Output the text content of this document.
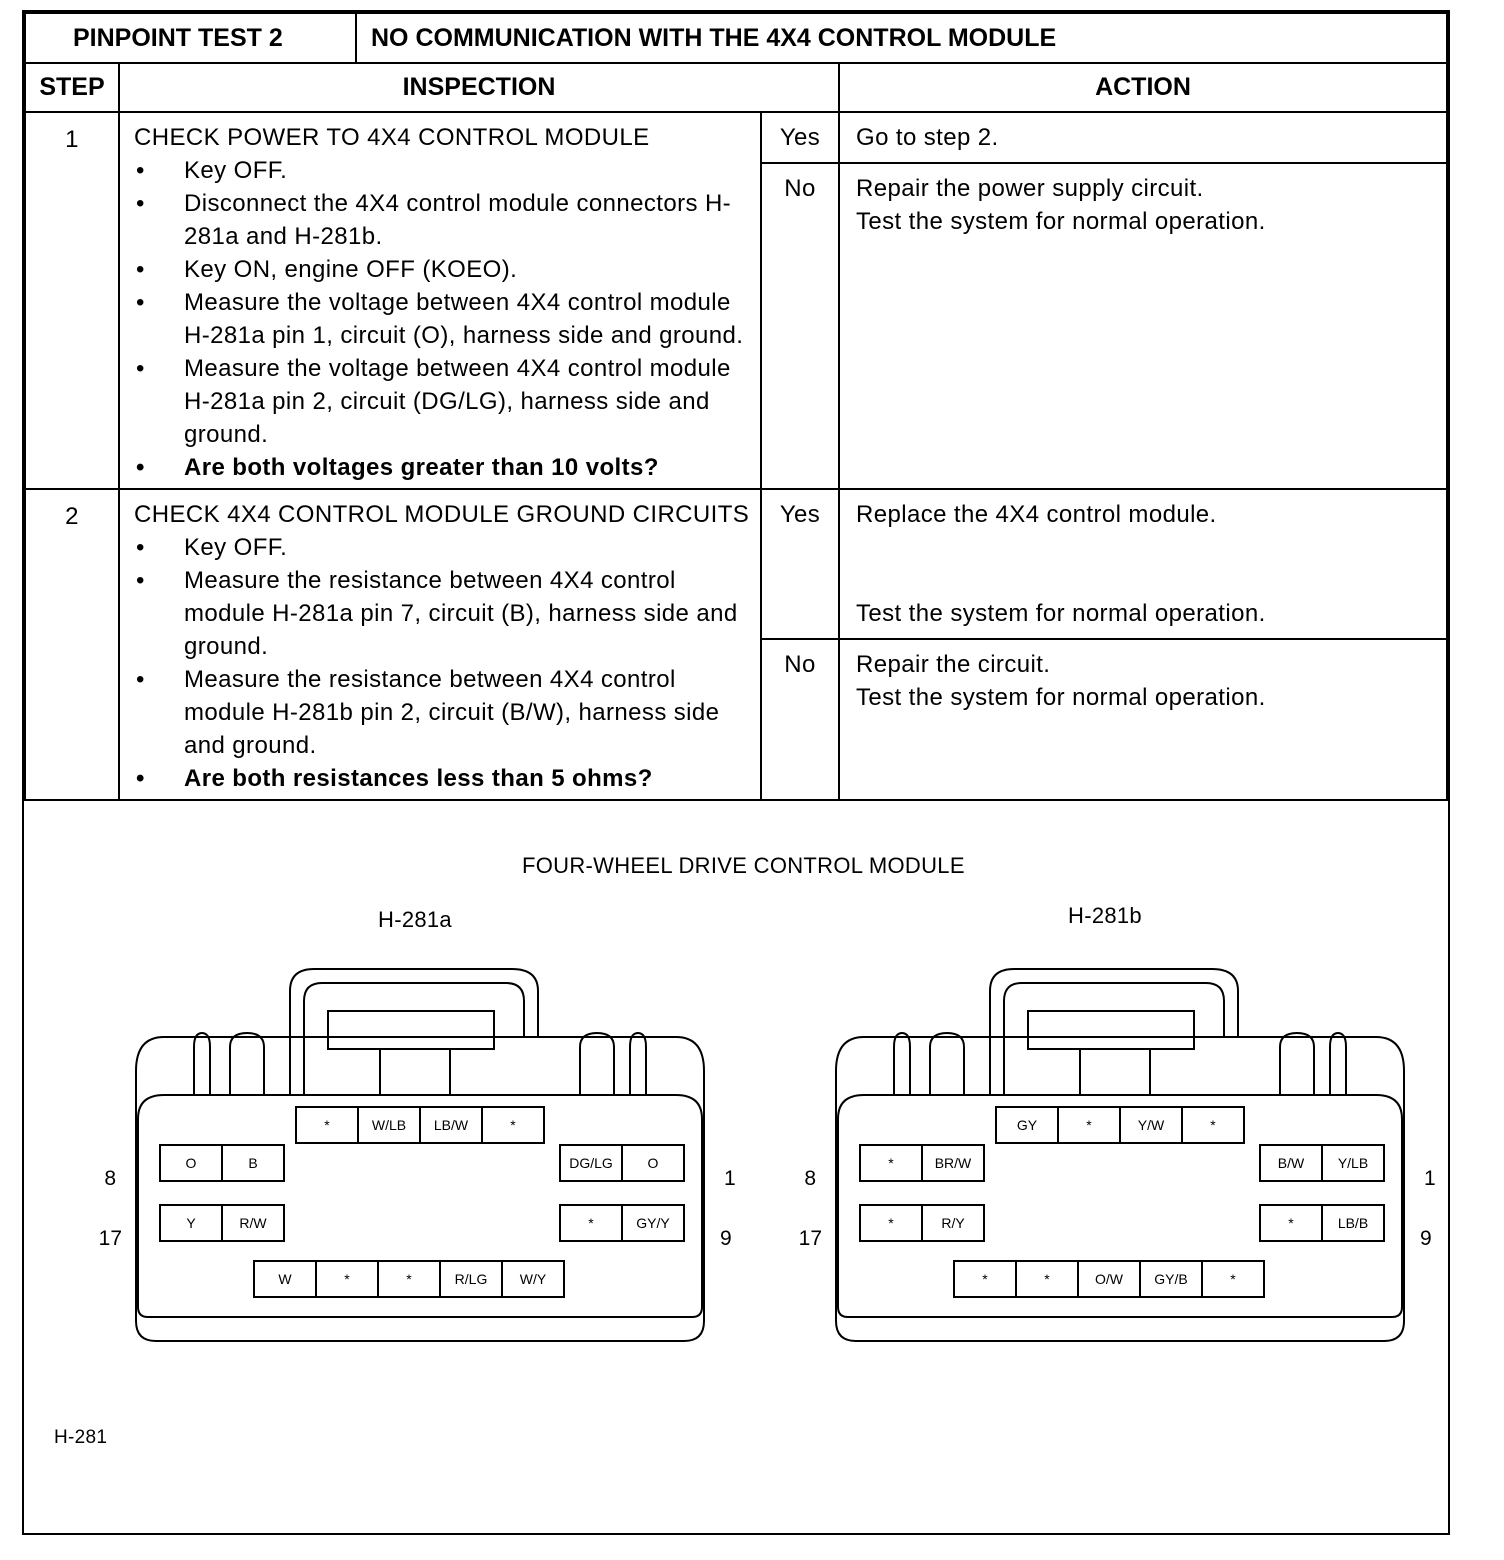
PINPOINT TEST 2	NO COMMUNICATION WITH THE 4X4 CONTROL MODULE

STEP	INSPECTION	ACTION
1	CHECK POWER TO 4X4 CONTROL MODULE
• Key OFF.
• Disconnect the 4X4 control module connectors H-281a and H-281b.
• Key ON, engine OFF (KOEO).
• Measure the voltage between 4X4 control module H-281a pin 1, circuit (O), harness side and ground.
• Measure the voltage between 4X4 control module H-281a pin 2, circuit (DG/LG), harness side and ground.
• Are both voltages greater than 10 volts?
	Yes	Go to step 2.
No	Repair the power supply circuit.
Test the system for normal operation.

2	CHECK 4X4 CONTROL MODULE GROUND CIRCUITS
• Key OFF.
• Measure the resistance between 4X4 control module H-281a pin 7, circuit (B), harness side and ground.
• Measure the resistance between 4X4 control module H-281b pin 2, circuit (B/W), harness side and ground.
• Are both resistances less than 5 ohms?
	Yes	Replace the 4X4 control module.
Test the system for normal operation.

No	Repair the circuit.
Test the system for normal operation.
FOUR-WHEEL DRIVE CONTROL MODULE
H-281a	H-281b
H-281
*	W/LB LB/W	*
O	B
Y	R/W
DG/LG O
*	GY/Y
W	*	*	R/LG W/Y
8
17
1
9
GY	*	Y/W	*
*	BR/W
*	R/Y
B/W Y/LB
*	LB/B
*	*	O/W GY/B	*
8
17
1
9
